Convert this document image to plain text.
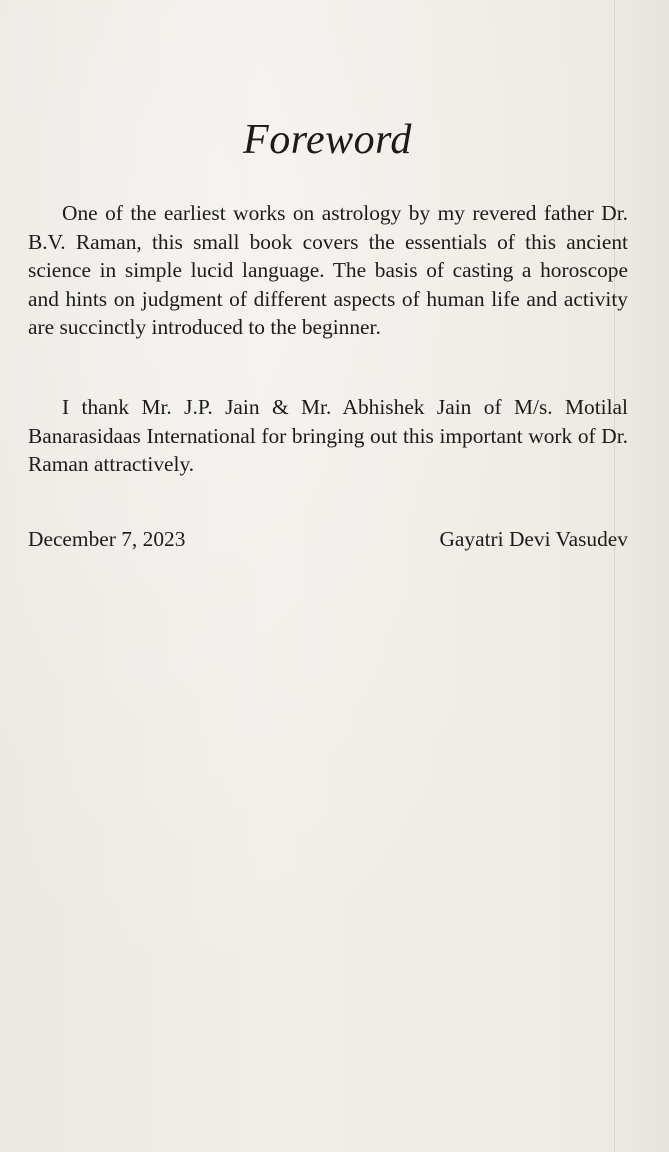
Foreword

One of the earliest works on astrology by my revered father Dr. B.V. Raman, this small book covers the essentials of this ancient science in simple lucid language. The basis of casting a horoscope and hints on judgment of different aspects of human life and activity are succinctly introduced to the beginner.

I thank Mr. J.P. Jain & Mr. Abhishek Jain of M/s. Motilal Banarasidaas International for bringing out this important work of Dr. Raman attractively.

December 7, 2023	Gayatri Devi Vasudev
